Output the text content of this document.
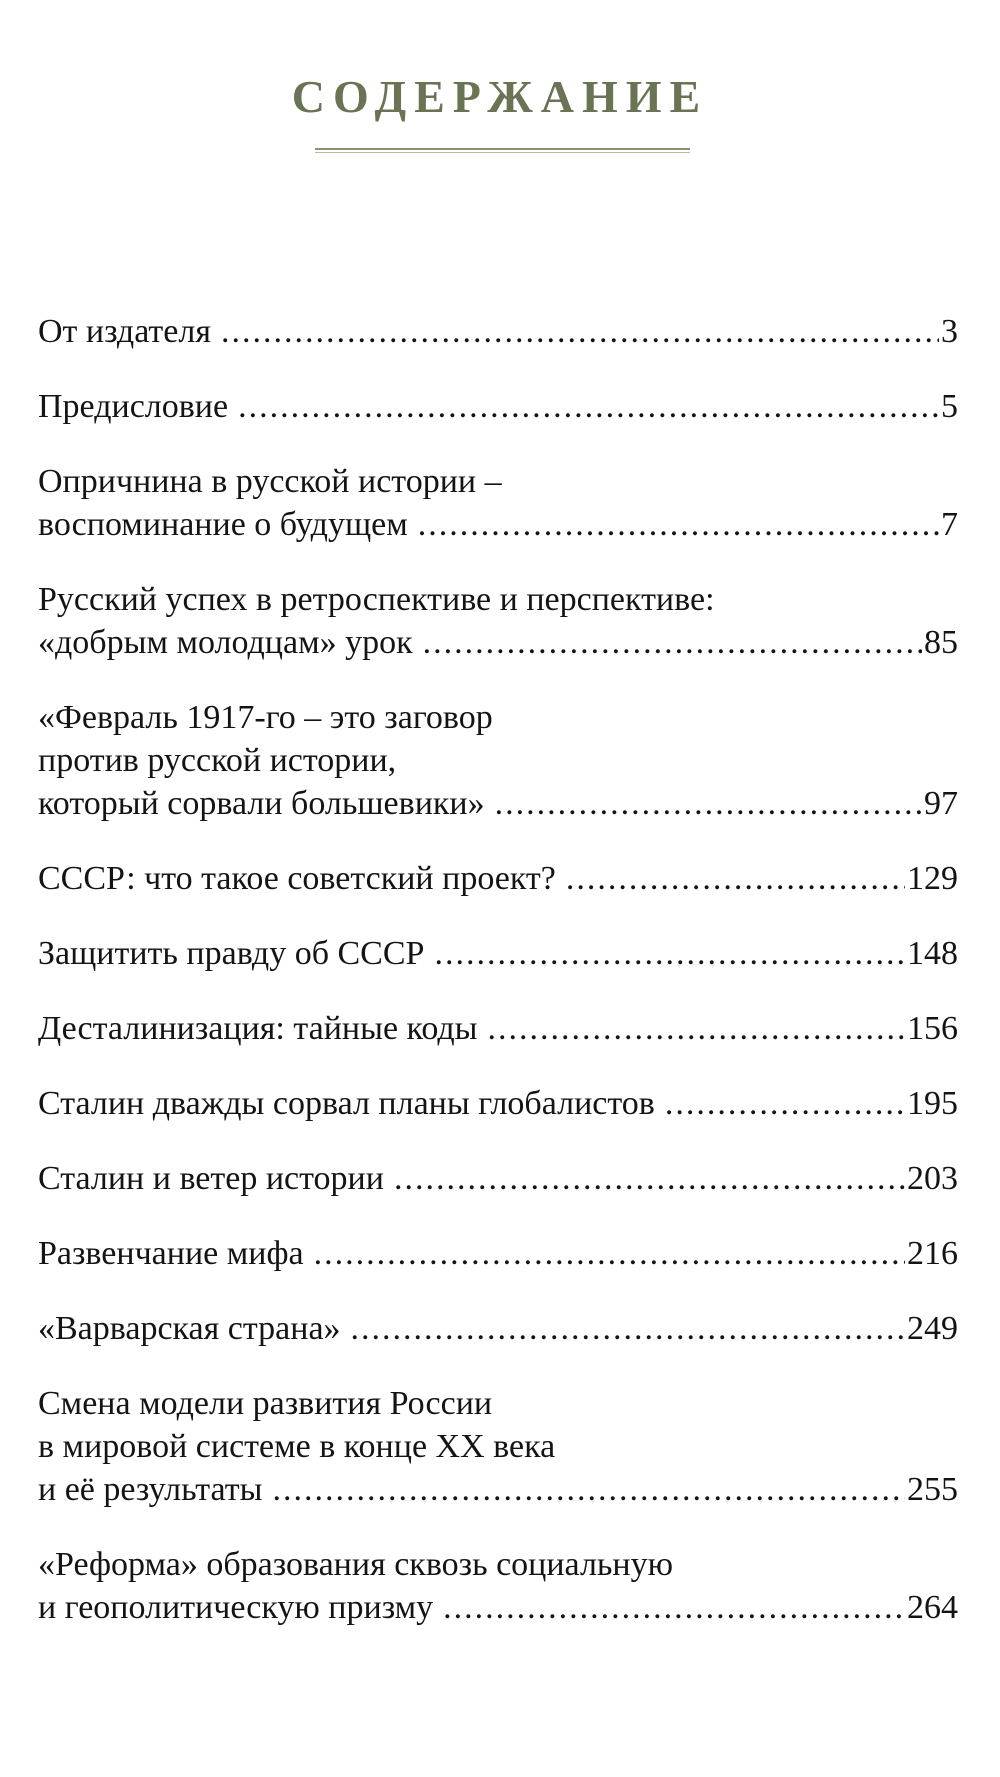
СОДЕРЖАНИЕ
От издателя .....	3
Предисловие .....	5
Опричнина в русской истории –
воспоминание о будущем .....	7
Русский успех в ретроспективе и перспективе:
«добрым молодцам» урок .....	85
«Февраль 1917-го – это заговор
против русской истории,
который сорвали большевики» .....	97
СССР: что такое советский проект? .....	129
Защитить правду об СССР .....	148
Десталинизация: тайные коды .....	156
Сталин дважды сорвал планы глобалистов .....	195
Сталин и ветер истории .....	203
Развенчание мифа .....	216
«Варварская страна» .....	249
Смена модели развития России
в мировой системе в конце XX века
и её результаты .....	255
«Реформа» образования сквозь социальную
и геополитическую призму .....	264
